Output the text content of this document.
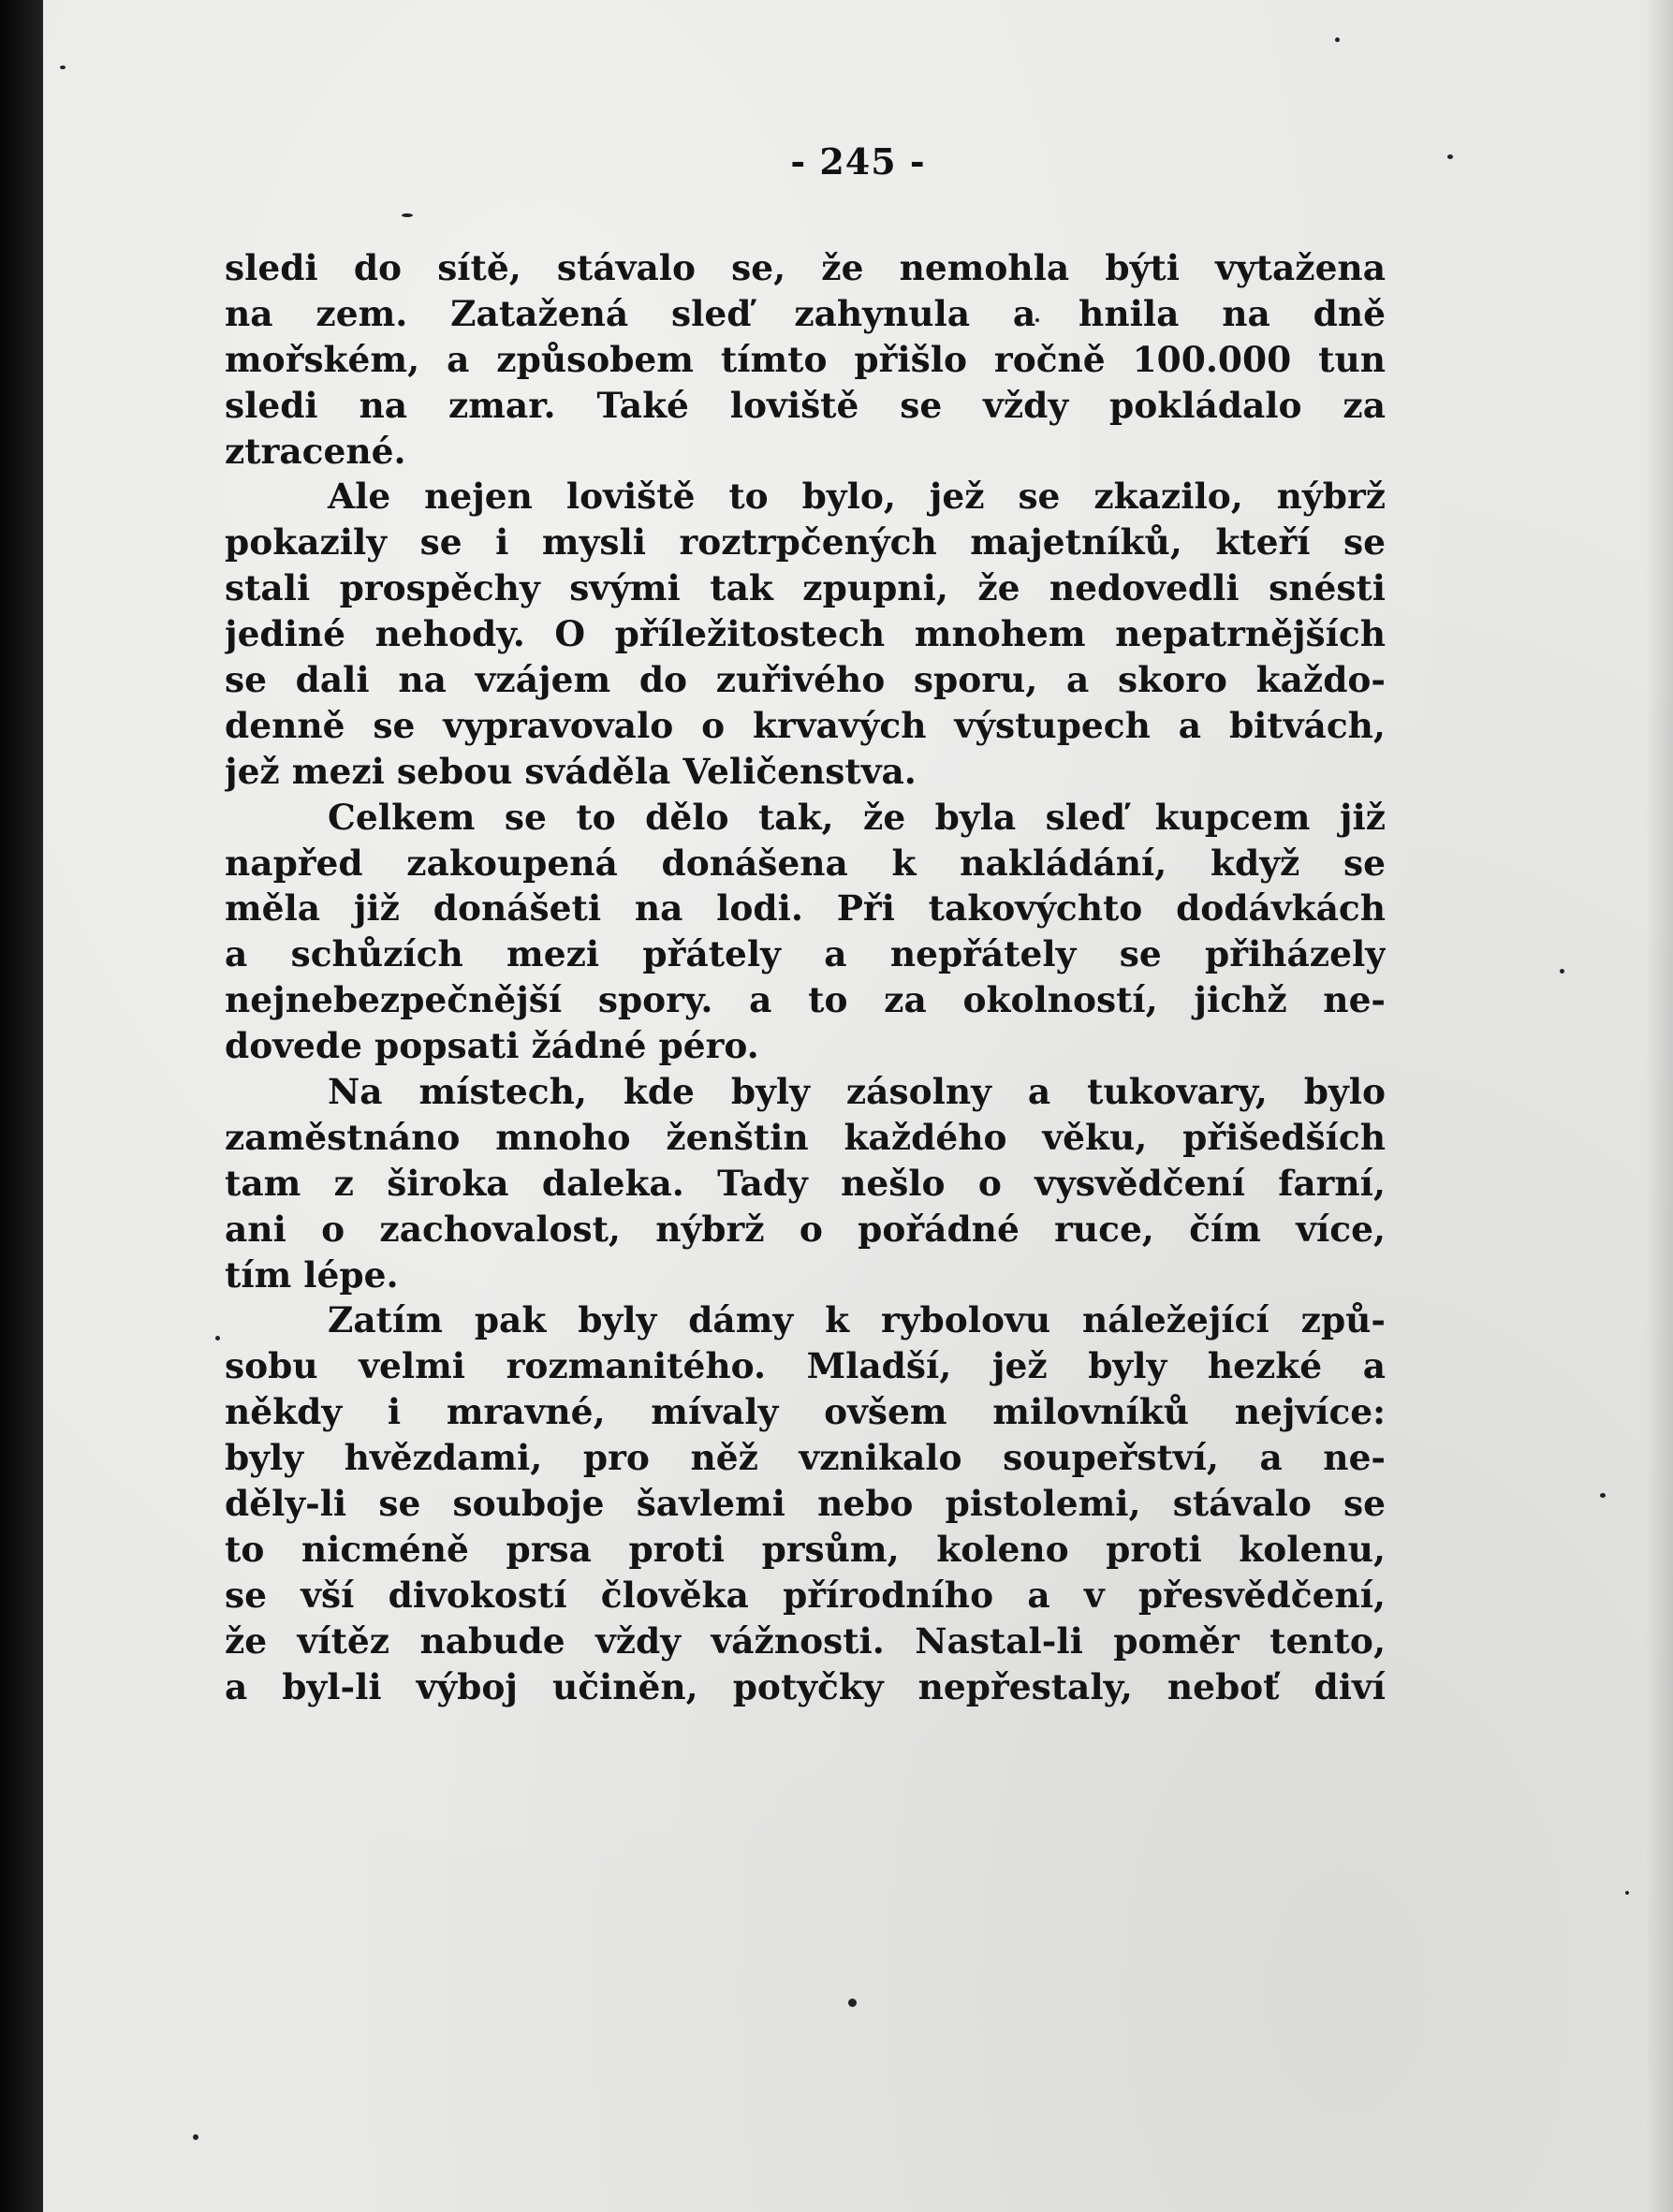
- 245 -
sledi do sítě, stávalo se, že nemohla býti vytažena
na zem. Zatažená sleď zahynula a hnila na dně
mořském, a způsobem tímto přišlo ročně 100.000 tun
sledi na zmar. Také loviště se vždy pokládalo za
ztracené.
Ale nejen loviště to bylo, jež se zkazilo, nýbrž
pokazily se i mysli roztrpčených majetníků, kteří se
stali prospěchy svými tak zpupni, že nedovedli snésti
jediné nehody. O příležitostech mnohem nepatrnějších
se dali na vzájem do zuřivého sporu, a skoro každo-
denně se vypravovalo o krvavých výstupech a bitvách,
jež mezi sebou sváděla Veličenstva.
Celkem se to dělo tak, že byla sleď kupcem již
napřed zakoupená donášena k nakládání, když se
měla již donášeti na lodi. Při takovýchto dodávkách
a schůzích mezi přátely a nepřátely se přiházely
nejnebezpečnější spory. a to za okolností, jichž ne-
dovede popsati žádné péro.
Na místech, kde byly zásolny a tukovary, bylo
zaměstnáno mnoho ženštin každého věku, přišedších
tam z široka daleka. Tady nešlo o vysvědčení farní,
ani o zachovalost, nýbrž o pořádné ruce, čím více,
tím lépe.
Zatím pak byly dámy k rybolovu náležející způ-
sobu velmi rozmanitého. Mladší, jež byly hezké a
někdy i mravné, mívaly ovšem milovníků nejvíce:
byly hvězdami, pro něž vznikalo soupeřství, a ne-
děly-li se souboje šavlemi nebo pistolemi, stávalo se
to nicméně prsa proti prsům, koleno proti kolenu,
se vší divokostí člověka přírodního a v přesvědčení,
že vítěz nabude vždy vážnosti. Nastal-li poměr tento,
a byl-li výboj učiněn, potyčky nepřestaly, neboť diví
